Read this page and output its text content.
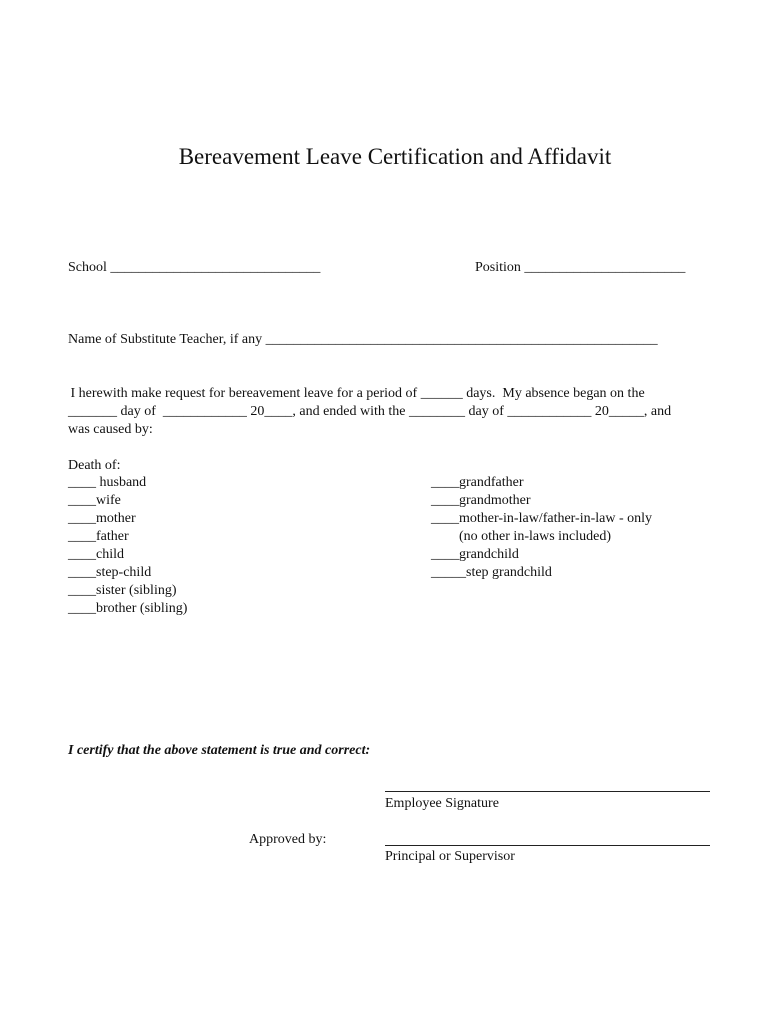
Bereavement Leave Certification and Affidavit
School ______________________________	Position _______________________
Name of Substitute Teacher, if any ________________________________________________________
I herewith make request for bereavement leave for a period of ______ days.  My absence began on the
_______ day of  ____________ 20____, and ended with the ________ day of ____________ 20_____, and
was caused by:
Death of:
____ husband
____wife
____mother
____father
____child
____step-child
____sister (sibling)
____brother (sibling)
____grandfather
____grandmother
____mother-in-law/father-in-law - only
(no other in-laws included)
____grandchild
_____step grandchild
I certify that the above statement is true and correct:
Employee Signature
Approved by:
Principal or Supervisor
